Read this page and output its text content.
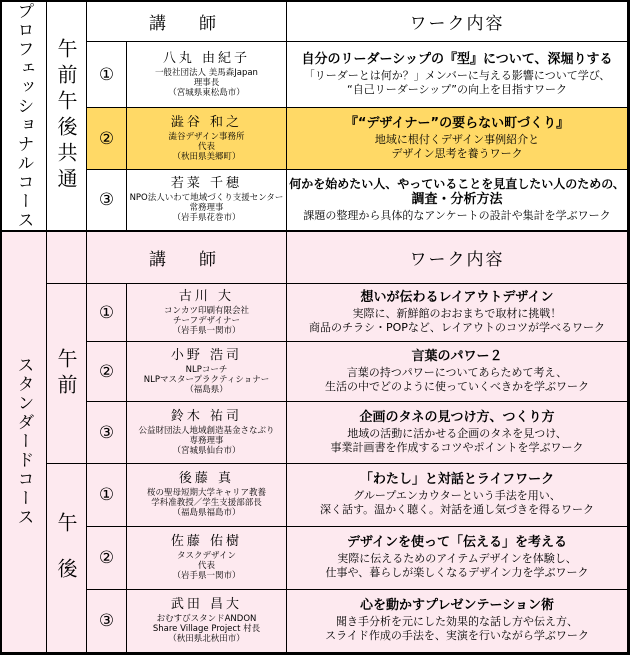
プロフェッショナルコース 午前午後共通
講　師	ワーク内容
①
八丸 由紀子
一般社団法人 美馬森Japan
理事長
（宮城県東松島市）
自分のリーダーシップの『型』について、深堀りする
「リーダーとは何か？」メンバーに与える影響について学び、
“自己リーダーシップ”の向上を目指すワーク
②
澁谷 和之
澁谷デザイン事務所
代表
（秋田県美郷町）
『“デザイナー”の要らない町づくり』
地域に根付くデザイン事例紹介と
デザイン思考を養うワーク
③
若菜 千穂
NPO法人いわて地域づくり支援センター
常務理事
（岩手県花巻市）
何かを始めたい人、やっていることを見直したい人のための、
調査・分析方法
課題の整理から具体的なアンケートの設計や集計を学ぶワーク
スタンダードコース
講　師	ワーク内容
午前
午後
①
古川 大
コンカツ印刷有限会社
チーフデザイナー
（岩手県一関市）
想いが伝わるレイアウトデザイン
実際に、新鮮館のおおまちで取材に挑戦！
商品のチラシ・POPなど、レイアウトのコツが学べるワーク
②
小野 浩司
NLPコーチ
NLPマスタープラクティショナー
（福島県）
言葉のパワー２
言葉の持つパワーについてあらためて考え、
生活の中でどのように使っていくべきかを学ぶワーク
③
鈴木 祐司
公益財団法人地域創造基金さなぶり
専務理事
（宮城県仙台市）
企画のタネの見つけ方、つくり方
地域の活動に活かせる企画のタネを見つけ、
事業計画書を作成するコツやポイントを学ぶワーク
①
後藤 真
桜の聖母短期大学キャリア教養
学科准教授／学生支援部部長
（福島県福島市）
「わたし」と対話とライフワーク
グループエンカウターという手法を用い、
深く話す。温かく聴く。対話を通し気づきを得るワーク
②
佐藤 佑樹
タスクデザイン
代表
（岩手県一関市）
デザインを使って「伝える」を考える
実際に伝えるためのアイテムデザインを体験し、
仕事や、暮らしが楽しくなるデザイン力を学ぶワーク
③
武田 昌大
おむすびスタンドANDON
Share Village Project 村長
（秋田県北秋田市）
心を動かすプレゼンテーション術
聞き手分析を元にした効果的な話し方や伝え方、
スライド作成の手法を、実演を行いながら学ぶワーク
